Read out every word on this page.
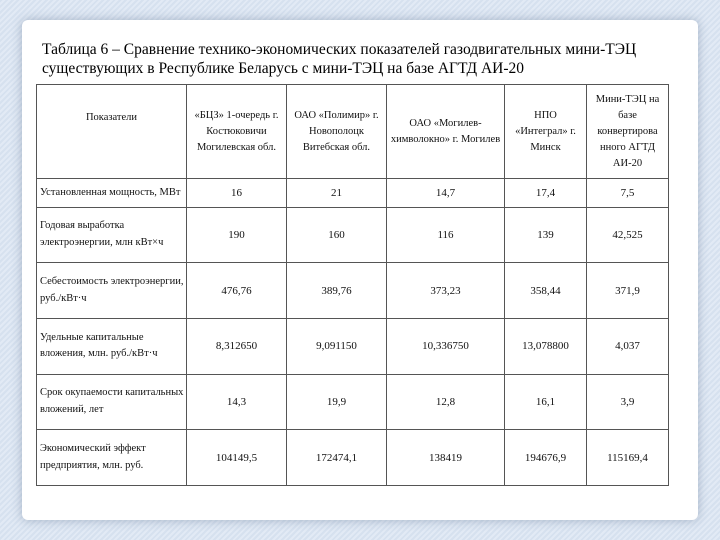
Таблица 6 – Сравнение технико-экономических показателей газодвигательных мини-ТЭЦ существующих в Республике Беларусь с мини-ТЭЦ на базе АГТД АИ-20
Показатели	«БЦЗ» 1-очередь г. Костюковичи Могилевская обл.	ОАО «Полимир» г. Новополоцк Витебская обл.	ОАО «Могилев-химволокно» г. Могилев	НПО «Интеграл» г. Минск	Мини-ТЭЦ на базе конвертирова нного АГТД АИ-20
Установленная мощность, МВт	16	21	14,7	17,4	7,5
Годовая выработка электроэнергии, млн кВт×ч	190	160	116	139	42,525
Себестоимость электроэнергии, руб./кВт·ч	476,76	389,76	373,23	358,44	371,9
Удельные капитальные вложения, млн. руб./кВт·ч	8,312650	9,091150	10,336750	13,078800	4,037
Срок окупаемости капитальных вложений, лет	14,3	19,9	12,8	16,1	3,9
Экономический эффект предприятия, млн. руб.	104149,5	172474,1	138419	194676,9	115169,4
